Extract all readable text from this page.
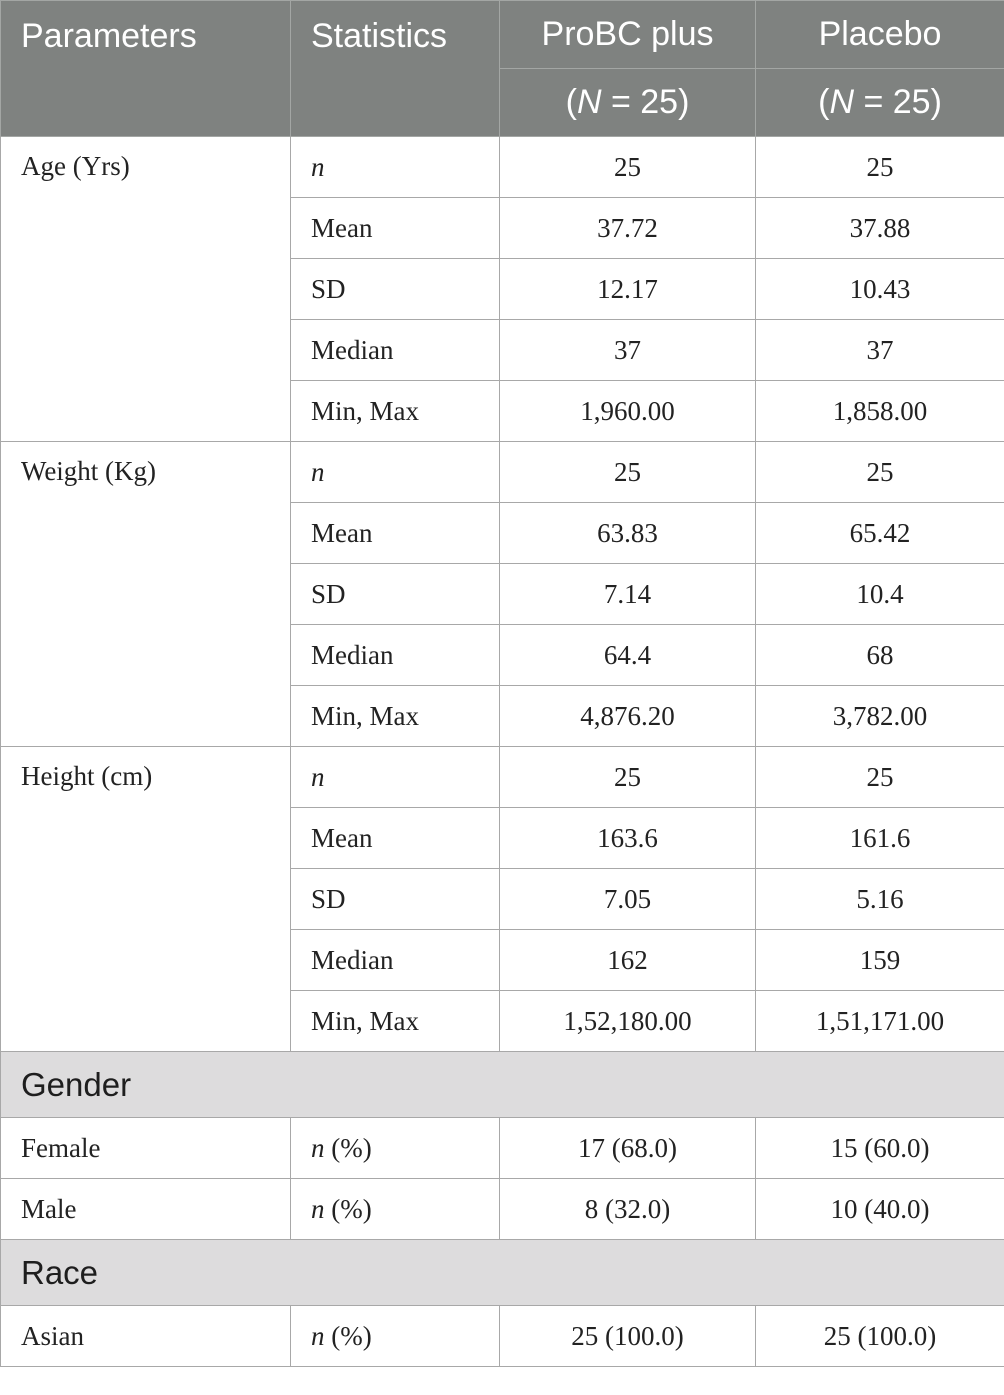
Parameters	Statistics	ProBC plus	Placebo
		(N = 25)	(N = 25)
Age (Yrs)	n	25	25
	Mean	37.72	37.88
	SD	12.17	10.43
	Median	37	37
	Min, Max	1,960.00	1,858.00
Weight (Kg)	n	25	25
	Mean	63.83	65.42
	SD	7.14	10.4
	Median	64.4	68
	Min, Max	4,876.20	3,782.00
Height (cm)	n	25	25
	Mean	163.6	161.6
	SD	7.05	5.16
	Median	162	159
	Min, Max	1,52,180.00	1,51,171.00
Gender			
Female	n (%)	17 (68.0)	15 (60.0)
Male	n (%)	8 (32.0)	10 (40.0)
Race			
Asian	n (%)	25 (100.0)	25 (100.0)
